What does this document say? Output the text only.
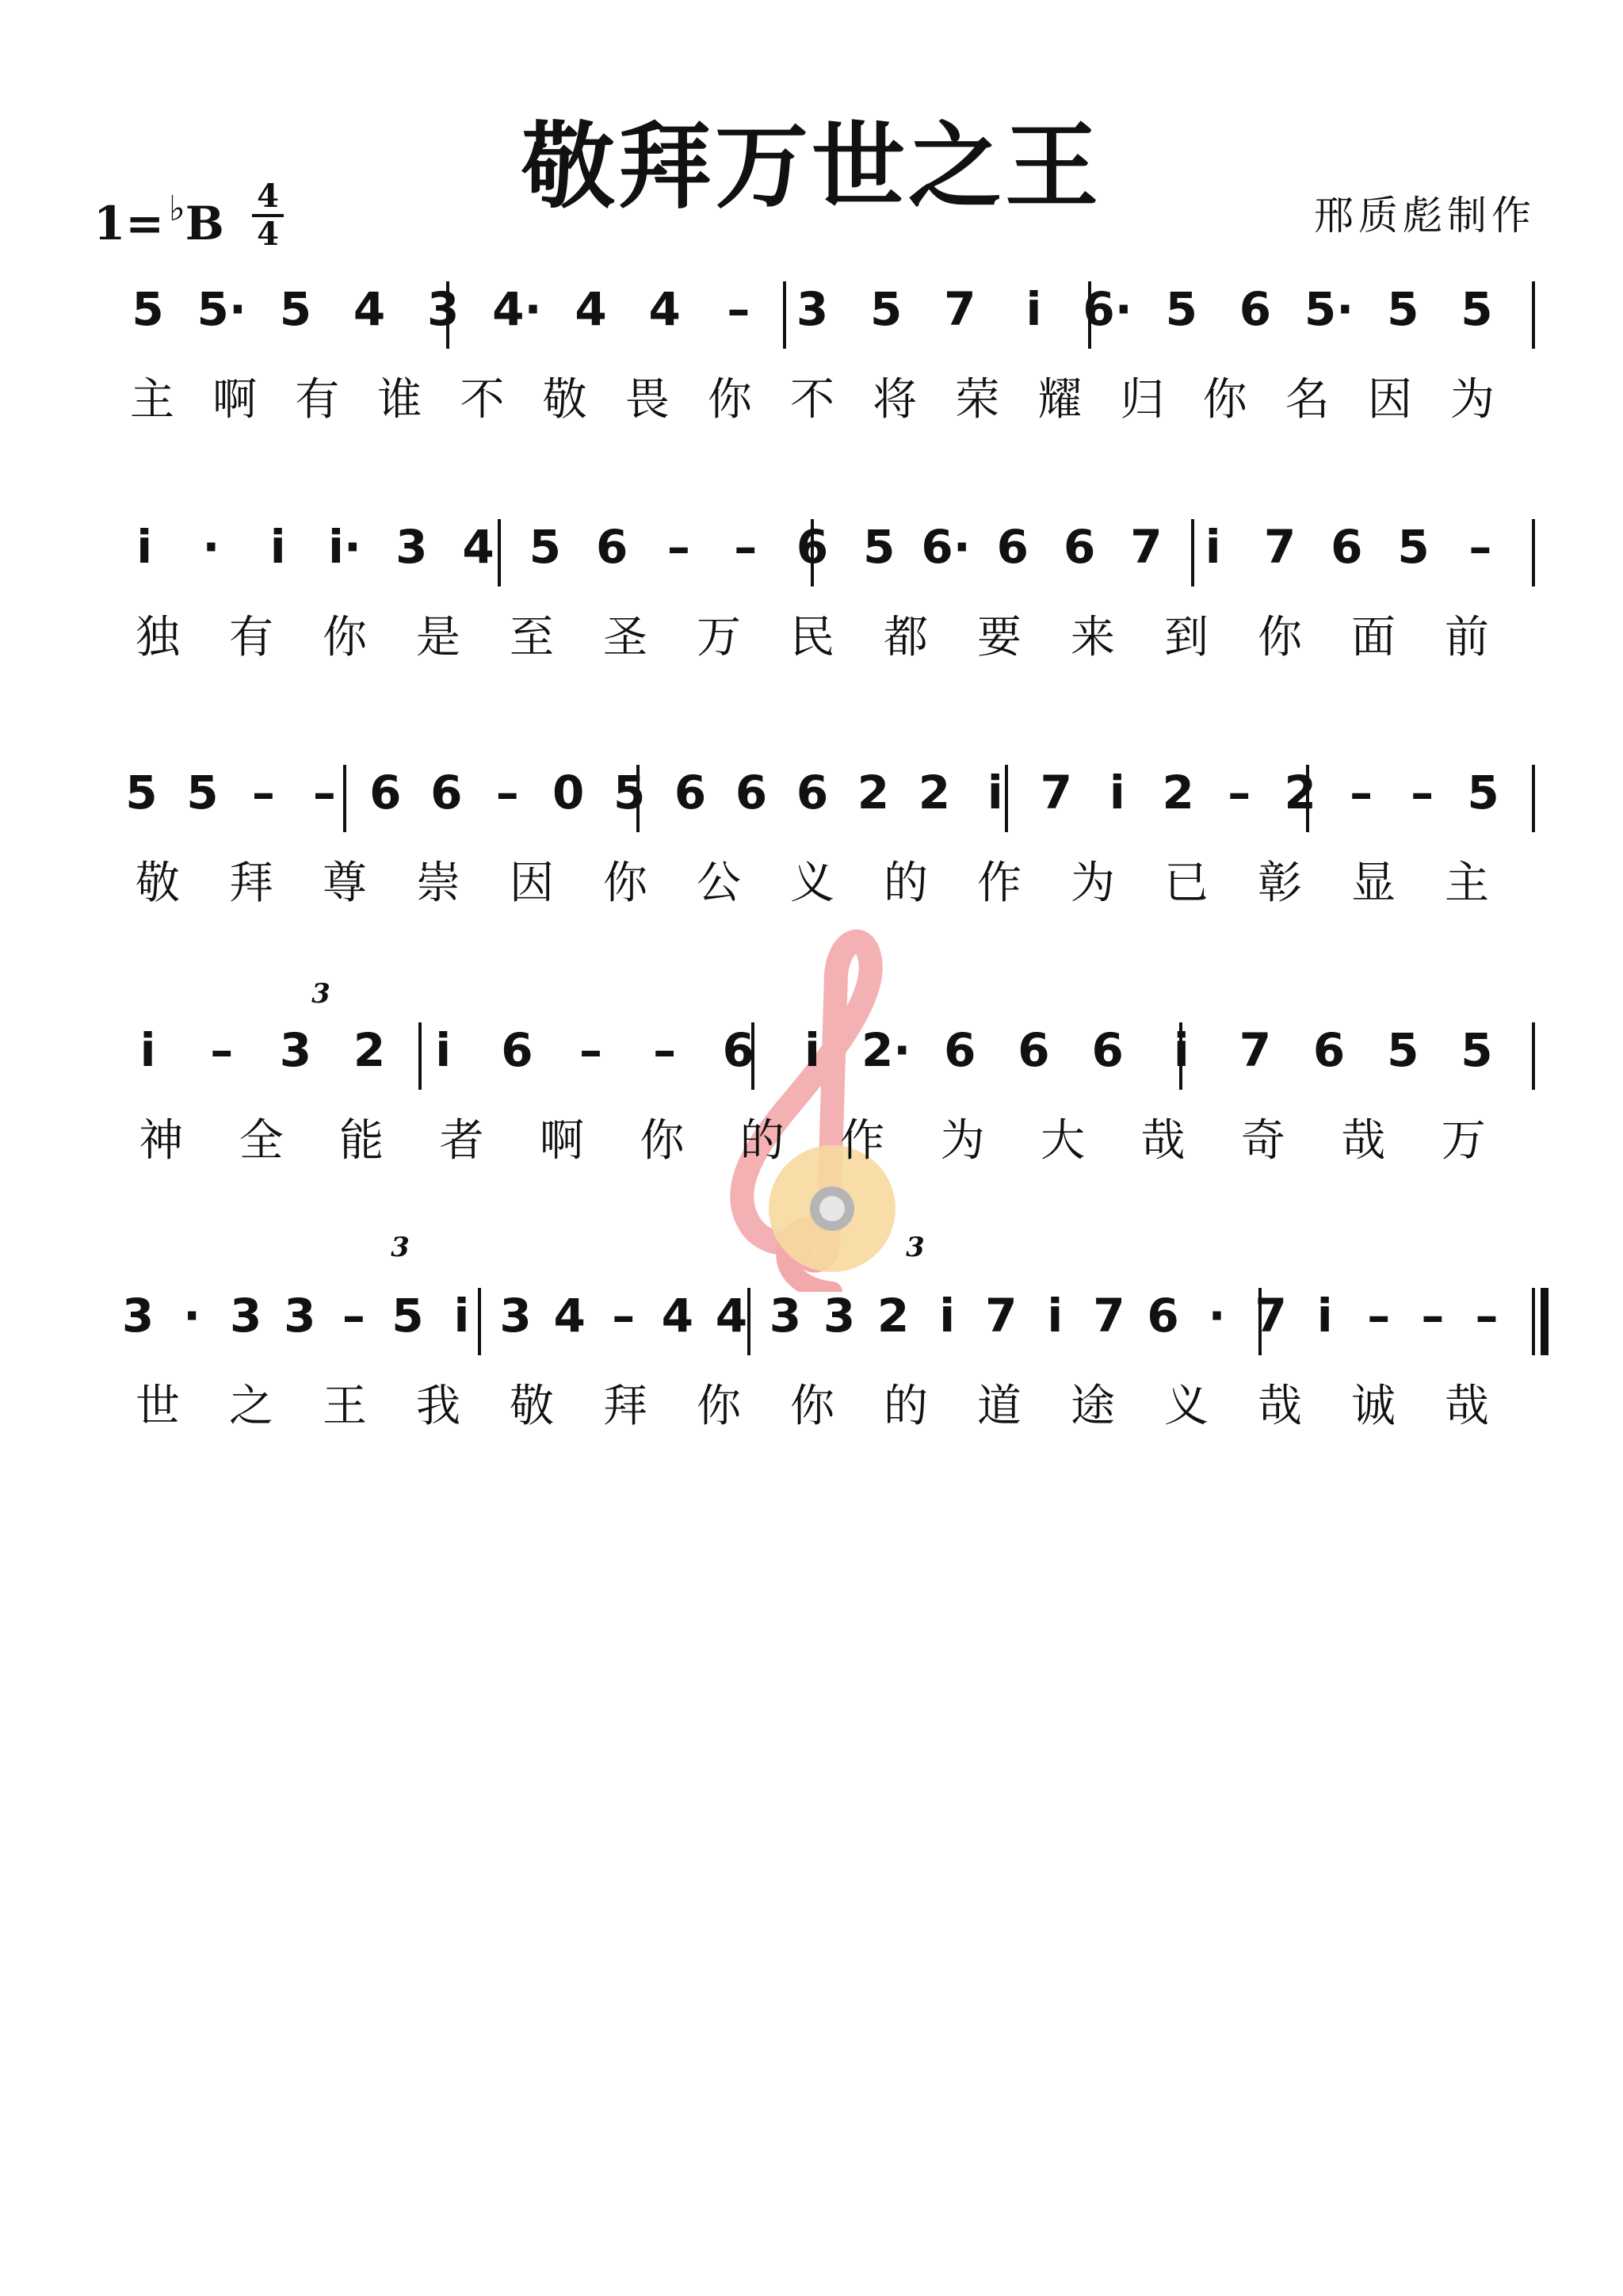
敬拜万世之王
1= ♭B
4
4	邢质彪制作
5 5· 5 4 3 4· 4 4 – 3 5 7 i 6· 5 6 5· 5 5
i · i i· 3 4 5 6 – – 6 5 6· 6 6 7 i 7 6 5 –
5 5 – – 6 6 – 0 5 6 6 6 2 2 i 7 i 2 – 2 – – 5
i – 3 2 i 6 – – 6 i 2· 6 6 6 i 7 6 5 5
3 · 3 3 – 5 i 3 4 – 4 4 3 3 2 i 7 i 7 6 · 7 i – – –
3
3	3
主 啊 有 谁 不 敬 畏 你 不 将 荣 耀 归 你 名 因 为
独 有 你 是 至 圣 万 民 都 要 来 到 你 面 前
敬 拜 尊 崇 因 你 公 义 的 作 为 已 彰 显 主
神 全 能 者 啊 你 的 作 为 大 哉 奇 哉 万
世 之 王 我 敬 拜 你 你 的 道 途 义 哉 诚 哉
